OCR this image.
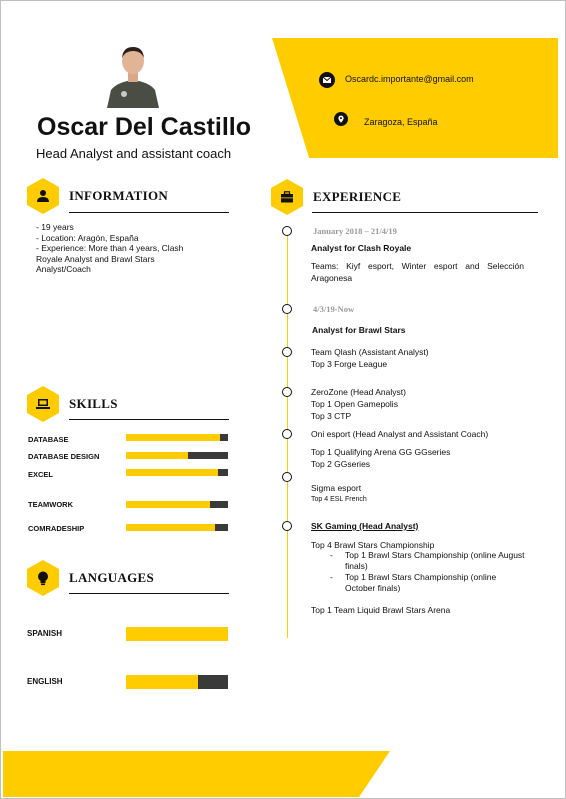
Oscar Del Castillo
Head Analyst and assistant coach
Oscardc.importante@gmail.com
Zaragoza, España
INFORMATION
- 19 years
- Location: Aragón, España
- Experience: More than 4 years, Clash Royale Analyst and Brawl Stars Analyst/Coach
SKILLS
DATABASE
DATABASE DESIGN
EXCEL
TEAMWORK
COMRADESHIP
LANGUAGES
SPANISH
ENGLISH
EXPERIENCE
January 2018 – 21/4/19
Analyst for Clash Royale
Teams: Kiyf esport, Winter esport and Selección Aragonesa
4/3/19-Now
Analyst for Brawl Stars
Team Qlash (Assistant Analyst)
Top 3 Forge League
ZeroZone (Head Analyst)
Top 1 Open Gamepolis
Top 3 CTP
Oni esport (Head Analyst and Assistant Coach)
Top 1 Qualifying Arena GG GGseries
Top 2 GGseries
Sigma esport
Top 4 ESL French
SK Gaming (Head Analyst)
Top 4 Brawl Stars Championship
-	Top 1 Brawl Stars Championship (online August finals)
-	Top 1 Brawl Stars Championship (online October finals)
Top 1 Team Liquid Brawl Stars Arena
